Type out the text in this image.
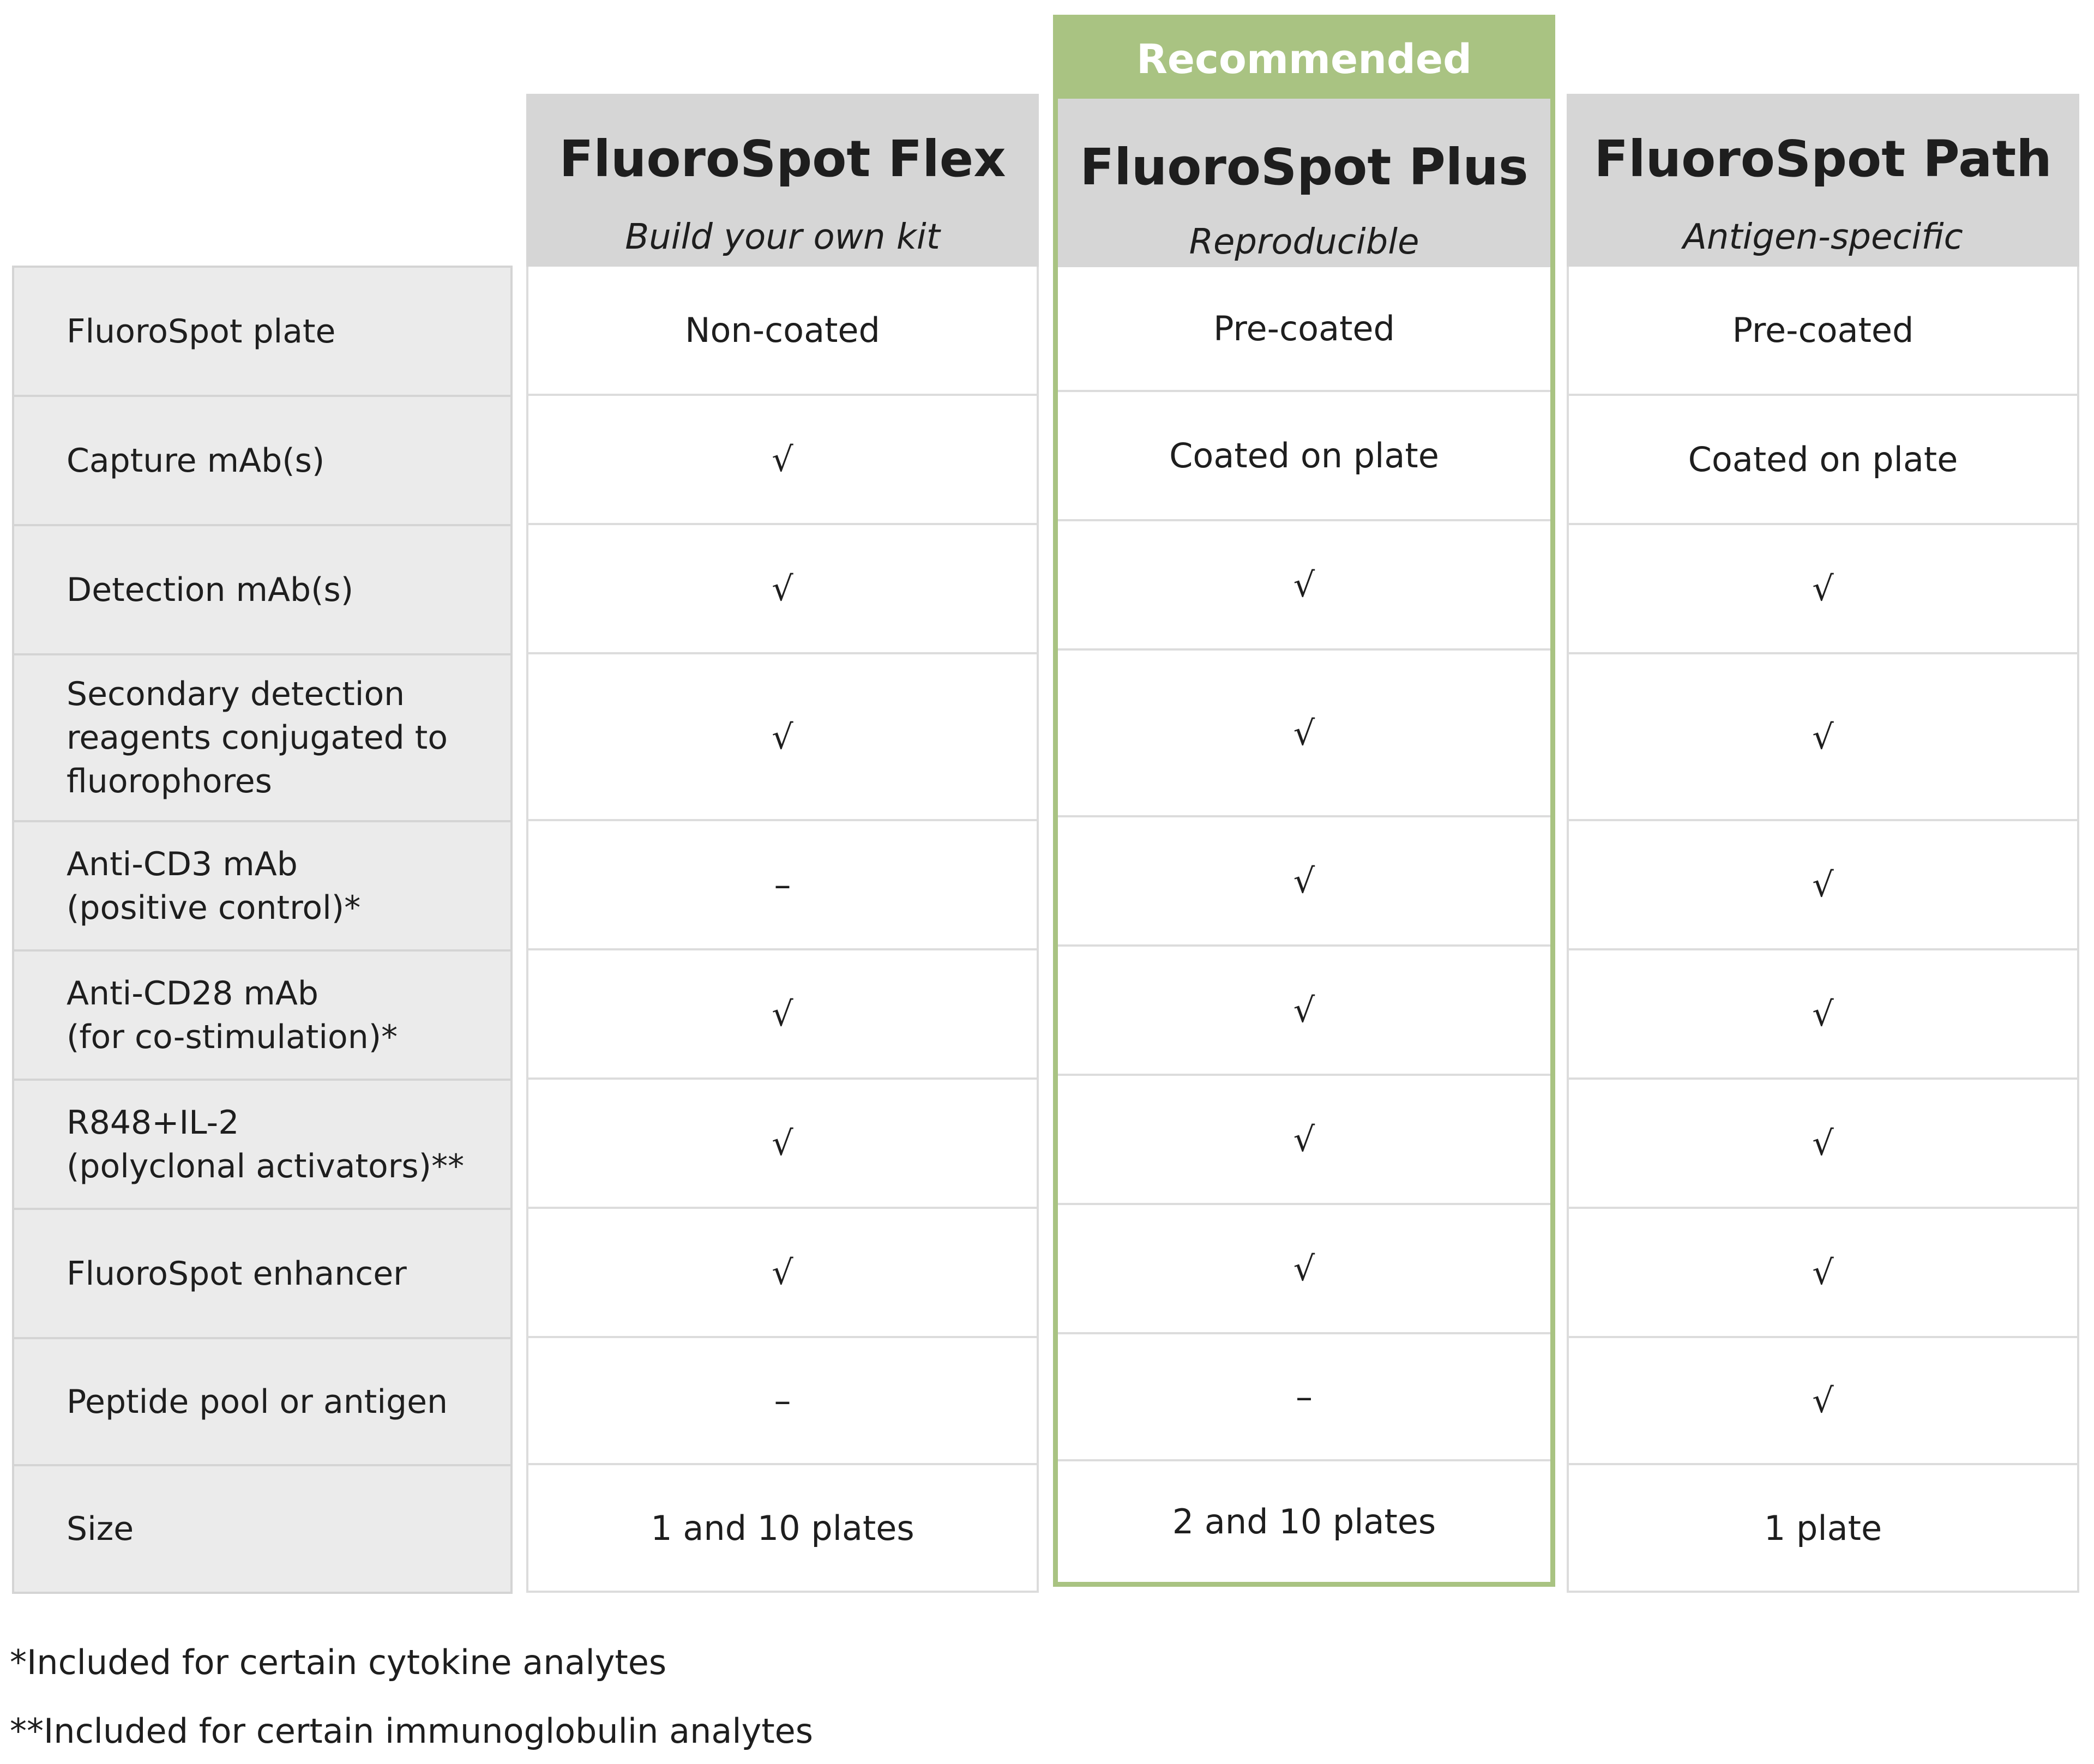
FluoroSpot plate
Capture mAb(s)
Detection mAb(s)
Secondary detection
reagents conjugated to
fluorophores
Anti-CD3 mAb
(positive control)*
Anti-CD28 mAb
(for co-stimulation)*
R848+IL-2
(polyclonal activators)**
FluoroSpot enhancer
Peptide pool or antigen
Size
FluoroSpot Flex
Build your own kit
Non-coated
√
√
√
–
√
√
√
–
1 and 10 plates
Recommended
FluoroSpot Plus
Reproducible
Pre-coated
Coated on plate
√
√
√
√
√
√
–
2 and 10 plates
FluoroSpot Path
Antigen-specific
Pre-coated
Coated on plate
√
√
√
√
√
√
√
1 plate
*Included for certain cytokine analytes
**Included for certain immunoglobulin analytes
